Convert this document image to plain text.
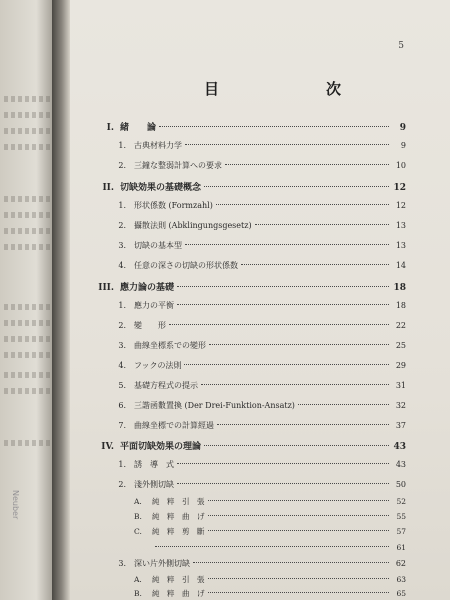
Neuber
5
目　次
I. 緒　　論	9
1. 古典材料力学	9
2. 三鐘な整弱計算への要求	10
II. 切缺効果の基礎概念	12
1. 形状係数 (Formzahl)	12
2. 攝散法則 (Abklingungsgesetz)	13
3. 切缺の基本型	13
4. 任意の深さの切缺の形状係数	14
III. 應力論の基礎	18
1. 應力の平衡	18
2. 變　　形	22
3. 曲線坐標系での變形	25
4. フックの法則	29
5. 基礎方程式の提示	31
6. 三諧函數置換 (Der Drei-Funktion-Ansatz)	32
7. 曲線坐標での計算經過	37
IV. 平面切缺効果の理論	43
1. 誘　導　式	43
2. 淺外側切缺	50
A.	純　粹　引　張	52
B.	純　粹　曲　げ	55
C.	純　粹　剪　斷	57
61
3. 深い片外側切缺	62
A.	純　粹　引　張	63
B.	純　粹　曲　げ	65
